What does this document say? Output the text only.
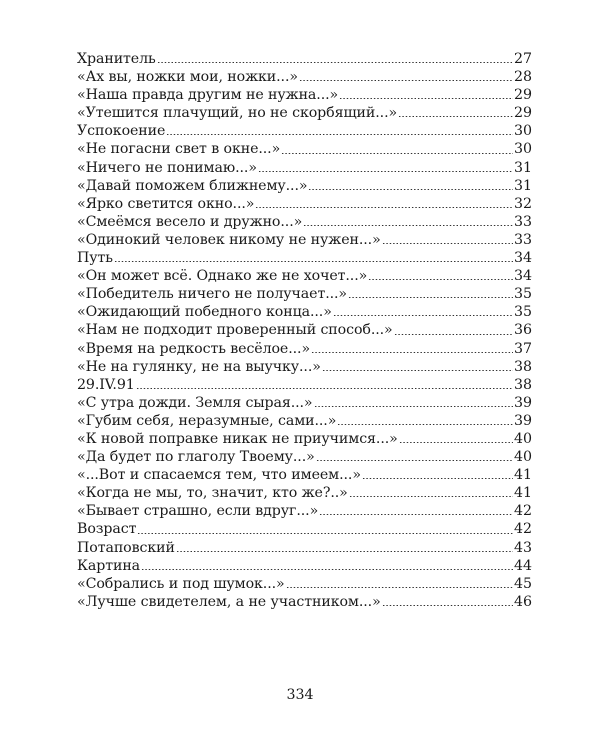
Хранитель	27
«Ах вы, ножки мои, ножки...»	28
«Наша правда другим не нужна...»	29
«Утешится плачущий, но не скорбящий...»	29
Успокоение	30
«Не погасни свет в окне...»	30
«Ничего не понимаю...»	31
«Давай поможем ближнему...»	31
«Ярко светится окно...»	32
«Смеёмся весело и дружно...»	33
«Одинокий человек никому не нужен...»	33
Путь	34
«Он может всё. Однако же не хочет...»	34
«Победитель ничего не получает...»	35
«Ожидающий победного конца...»	35
«Нам не подходит проверенный способ...»	36
«Время на редкость весёлое...»	37
«Не на гулянку, не на выучку...»	38
29.IV.91	38
«С утра дожди. Земля сырая...»	39
«Губим себя, неразумные, сами...»	39
«К новой поправке никак не приучимся...»	40
«Да будет по глаголу Твоему...»	40
«...Вот и спасаемся тем, что имеем...»	41
«Когда не мы, то, значит, кто же?..»	41
«Бывает страшно, если вдруг...»	42
Возраст	42
Потаповский	43
Картина	44
«Собрались и под шумок...»	45
«Лучше свидетелем, а не участником...»	46
334
